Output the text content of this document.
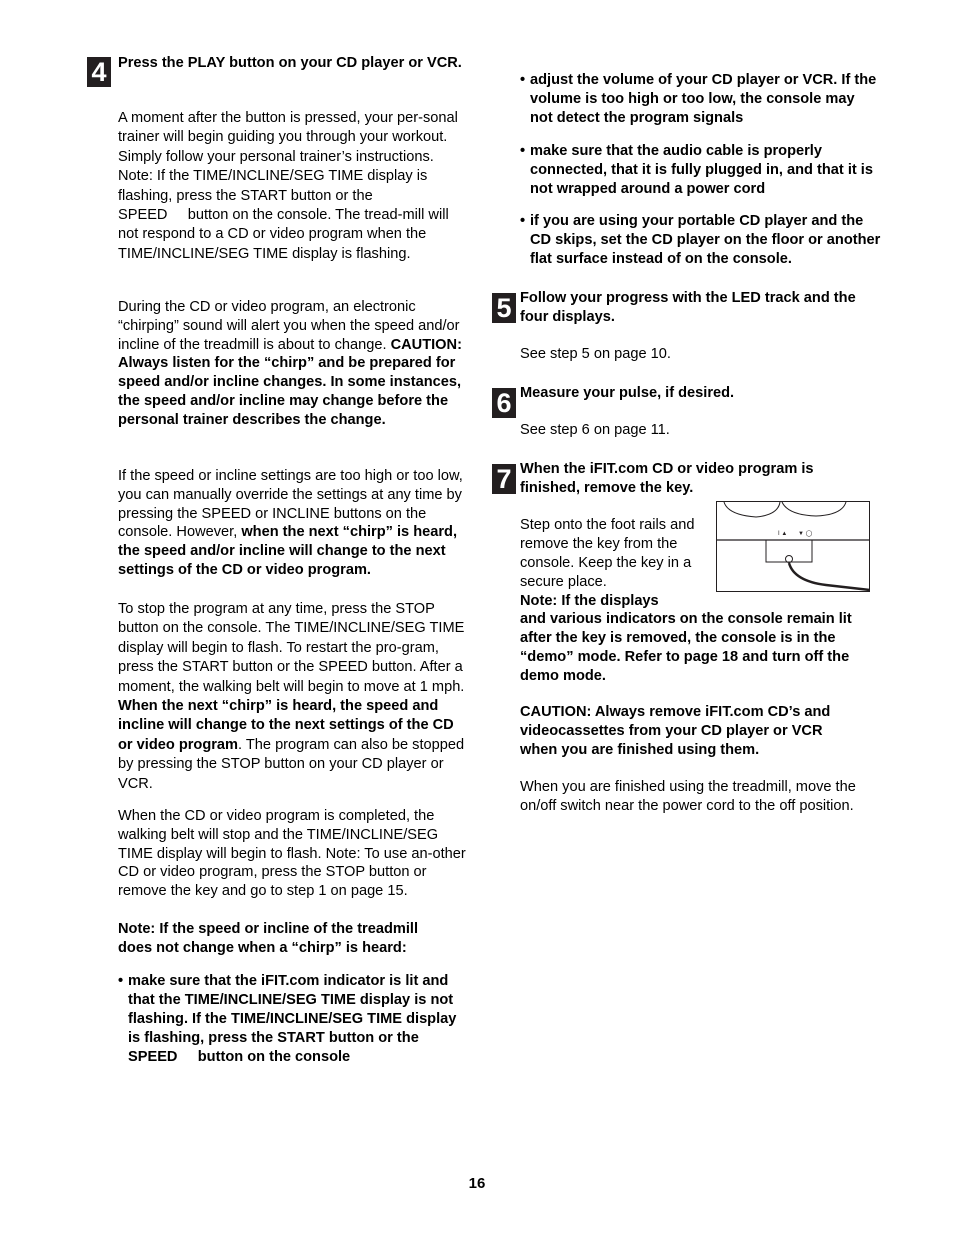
4 Press the PLAY button on your CD player or VCR.

A moment after the button is pressed, your per-sonal trainer will begin guiding you through your workout. Simply follow your personal trainer’s instructions. Note: If the TIME/INCLINE/SEG TIME display is flashing, press the START button or the SPEED button on the console. The tread-mill will not respond to a CD or video program when the TIME/INCLINE/SEG TIME display is flashing.

During the CD or video program, an electronic “chirping” sound will alert you when the speed and/or incline of the treadmill is about to change. CAUTION: Always listen for the “chirp” and be prepared for speed and/or incline changes. In some instances, the speed and/or incline may change before the personal trainer describes the change.

If the speed or incline settings are too high or too low, you can manually override the settings at any time by pressing the SPEED or INCLINE buttons on the console. However, when the next “chirp” is heard, the speed and/or incline will change to the next settings of the CD or video program.

To stop the program at any time, press the STOP button on the console. The TIME/INCLINE/SEG TIME display will begin to flash. To restart the pro-gram, press the START button or the SPEED button. After a moment, the walking belt will begin to move at 1 mph. When the next “chirp” is heard, the speed and incline will change to the next settings of the CD or video program. The program can also be stopped by pressing the STOP button on your CD player or VCR.

When the CD or video program is completed, the walking belt will stop and the TIME/INCLINE/SEG TIME display will begin to flash. Note: To use an-other CD or video program, press the STOP button or remove the key and go to step 1 on page 15.

Note: If the speed or incline of the treadmill does not change when a “chirp” is heard:

• make sure that the iFIT.com indicator is lit and that the TIME/INCLINE/SEG TIME display is not flashing. If the TIME/INCLINE/SEG TIME display is flashing, press the START button or the SPEED button on the console
• adjust the volume of your CD player or VCR. If the volume is too high or too low, the console may not detect the program signals
• make sure that the audio cable is properly connected, that it is fully plugged in, and that it is not wrapped around a power cord
• if you are using your portable CD player and the CD skips, set the CD player on the floor or another flat surface instead of on the console.
5 Follow your progress with the LED track and the four displays.

See step 5 on page 10.

6 Measure your pulse, if desired.

See step 6 on page 11.

7 When the iFIT.com CD or video program is finished, remove the key.

Step onto the foot rails and remove the key from the console. Keep the key in a secure place.

I ▲ ▼ ◯

Note: If the displays

and various indicators on the console remain lit after the key is removed, the console is in the “demo” mode. Refer to page 18 and turn off the demo mode.

CAUTION: Always remove iFIT.com CD’s and videocassettes from your CD player or VCR when you are finished using them.

When you are finished using the treadmill, move the on/off switch near the power cord to the off position.

16
